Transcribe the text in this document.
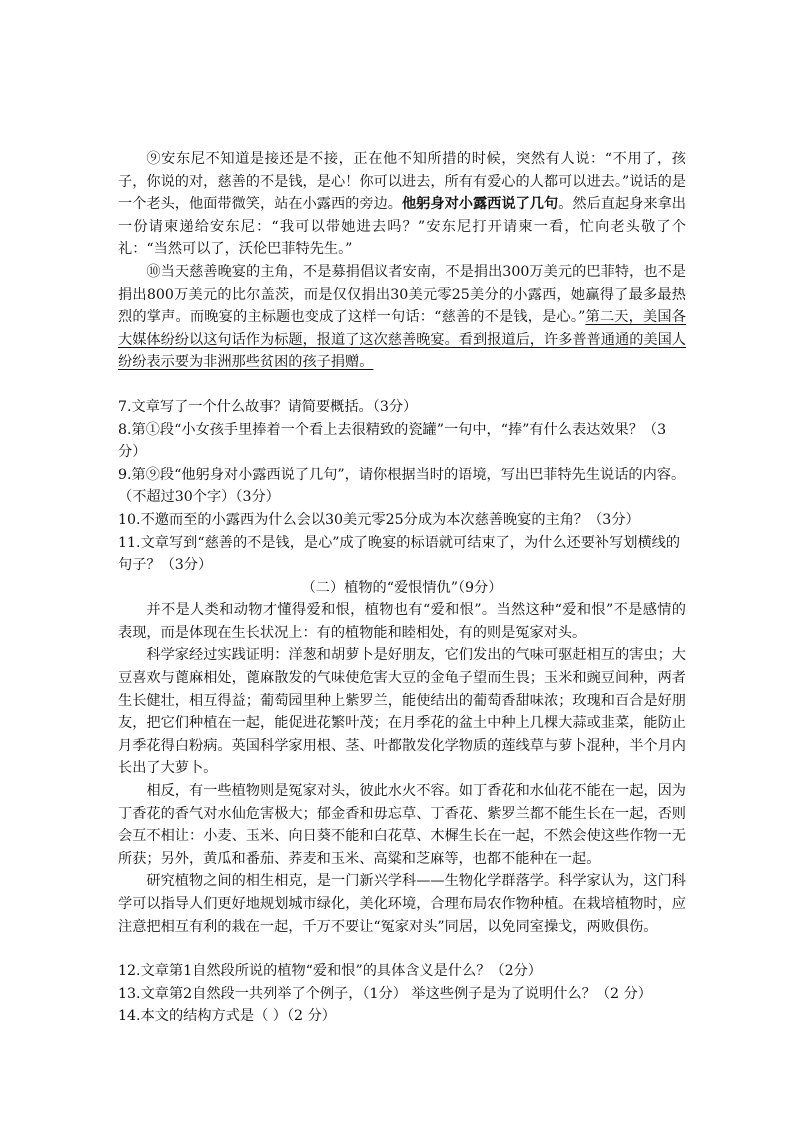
⑨安东尼不知道是接还是不接，正在他不知所措的时候，突然有人说：“不用了，孩子，你说的对，慈善的不是钱，是心！你可以进去，所有有爱心的人都可以进去。”说话的是一个老头，他面带微笑，站在小露西的旁边。他躬身对小露西说了几句。然后直起身来拿出一份请柬递给安东尼：“我可以带她进去吗？”安东尼打开请柬一看，忙向老头敬了个礼：“当然可以了，沃伦巴菲特先生。”

⑩当天慈善晚宴的主角，不是募捐倡议者安南，不是捐出300万美元的巴菲特，也不是捐出800万美元的比尔盖茨，而是仅仅捐出30美元零25美分的小露西，她赢得了最多最热烈的掌声。而晚宴的主标题也变成了这样一句话：“慈善的不是钱，是心。”第二天，美国各大媒体纷纷以这句话作为标题，报道了这次慈善晚宴。看到报道后，许多普普通通的美国人纷纷表示要为非洲那些贫困的孩子捐赠。

7.文章写了一个什么故事？请简要概括。（3分）

8.第①段“小女孩手里捧着一个看上去很精致的瓷罐”一句中，“捧”有什么表达效果？（3分）

9.第⑨段“他躬身对小露西说了几句”，请你根据当时的语境，写出巴菲特先生说话的内容。（不超过30个字）（3分）

10.不邀而至的小露西为什么会以30美元零25分成为本次慈善晚宴的主角？（3分）

11.文章写到“慈善的不是钱，是心”成了晚宴的标语就可结束了，为什么还要补写划横线的句子？（3分）

（二）植物的“爱恨情仇”（9分）

并不是人类和动物才懂得爱和恨，植物也有“爱和恨”。当然这种“爱和恨”不是感情的表现，而是体现在生长状况上：有的植物能和睦相处，有的则是冤家对头。

科学家经过实践证明：洋葱和胡萝卜是好朋友，它们发出的气味可驱赶相互的害虫；大豆喜欢与蓖麻相处，蓖麻散发的气味使危害大豆的金龟子望而生畏；玉米和豌豆间种，两者生长健壮，相互得益；葡萄园里种上紫罗兰，能使结出的葡萄香甜味浓；玫瑰和百合是好朋友，把它们种植在一起，能促进花繁叶茂；在月季花的盆土中种上几棵大蒜或韭菜，能防止月季花得白粉病。英国科学家用根、茎、叶都散发化学物质的莲线草与萝卜混种，半个月内长出了大萝卜。

相反，有一些植物则是冤家对头，彼此水火不容。如丁香花和水仙花不能在一起，因为丁香花的香气对水仙危害极大；郁金香和毋忘草、丁香花、紫罗兰都不能生长在一起，否则会互不相让：小麦、玉米、向日葵不能和白花草、木樨生长在一起，不然会使这些作物一无所获；另外，黄瓜和番茄、荞麦和玉米、高粱和芝麻等，也都不能种在一起。

研究植物之间的相生相克，是一门新兴学科——生物化学群落学。科学家认为，这门科学可以指导人们更好地规划城市绿化，美化环境，合理布局农作物种植。在栽培植物时，应注意把相互有利的栽在一起，千万不要让“冤家对头”同居，以免同室操戈，两败俱伤。

12.文章第1自然段所说的植物“爱和恨”的具体含义是什么？（2分）

13.文章第2自然段一共列举了个例子，（1分） 举这些例子是为了说明什么？（2 分）

14.本文的结构方式是（ ）（2 分）
